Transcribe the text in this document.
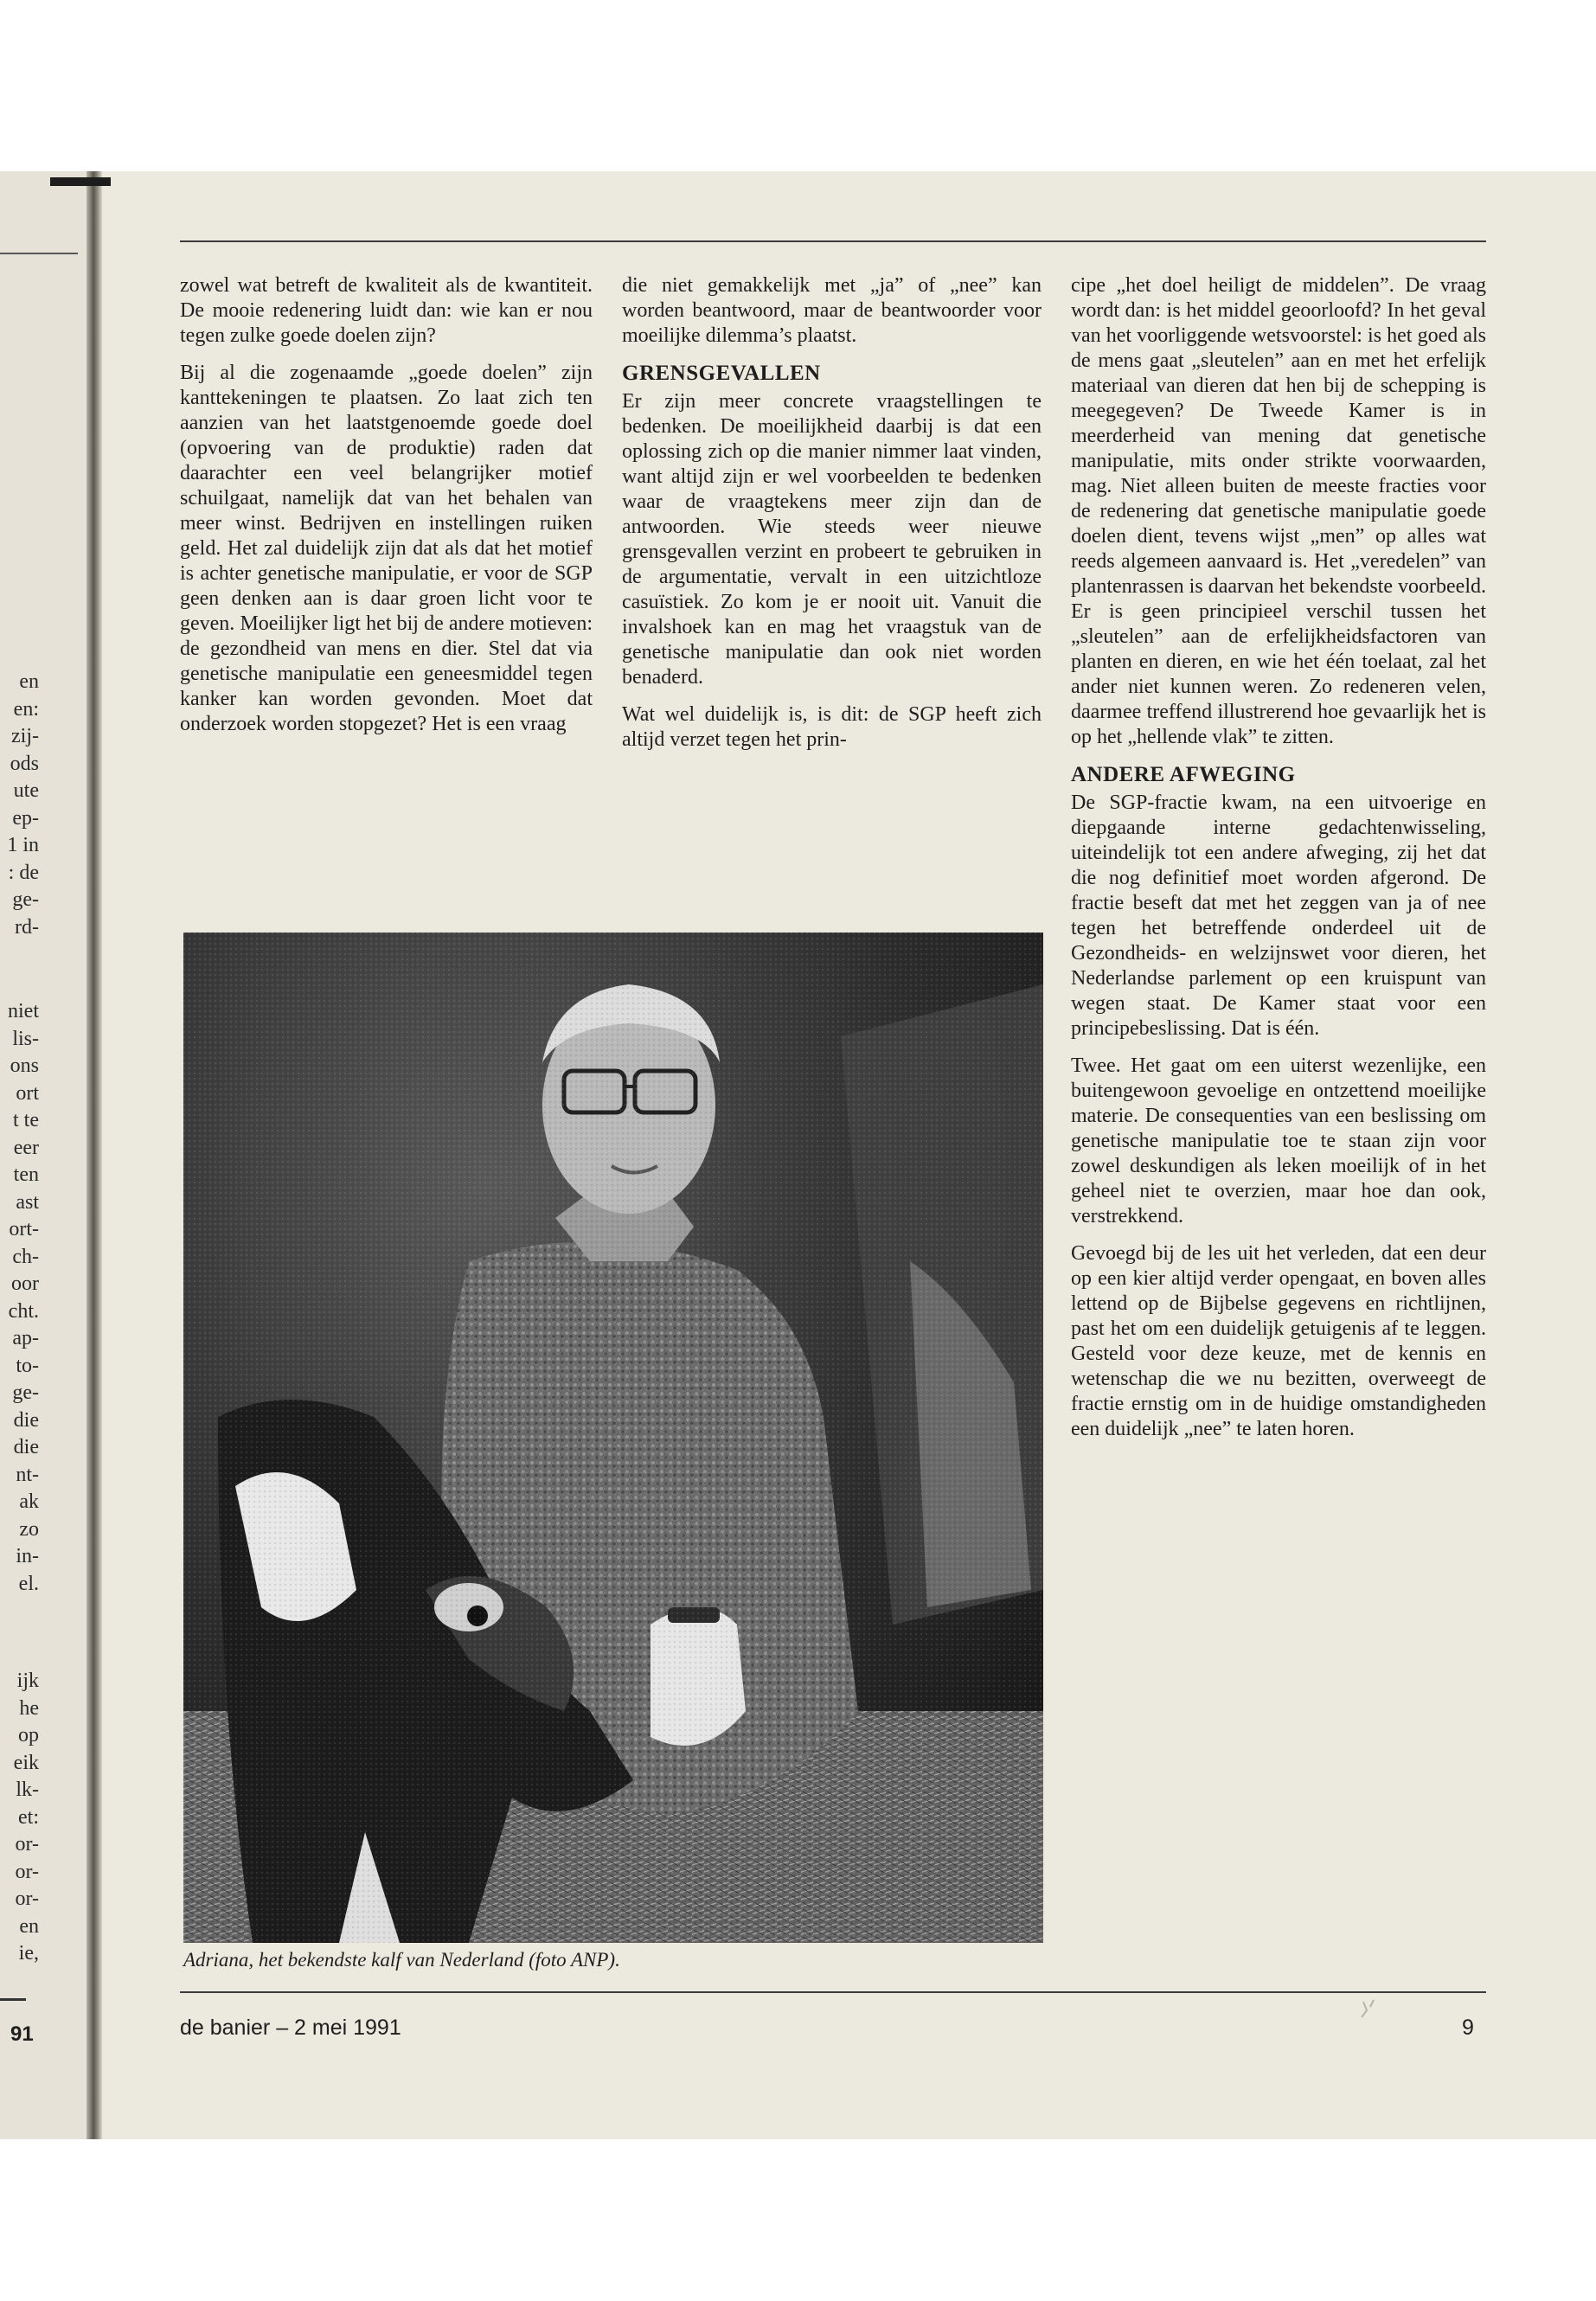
en
en:
zij-
ods
ute
ep-
1 in
: de
ge-
rd-
niet
lis-
ons
ort
t te
eer
ten
ast
ort-
ch-
oor
cht.
ap-
to-
ge-
die
die
nt-
ak
zo
in-
el.
ijk
he
op
eik
lk-
et:
or-
or-
or-
en
ie,
91

zowel wat betreft de kwaliteit als de kwantiteit. De mooie redenering luidt dan: wie kan er nou tegen zulke goede doelen zijn?

Bij al die zogenaamde „goede doelen” zijn kanttekeningen te plaatsen. Zo laat zich ten aanzien van het laatstgenoemde goede doel (opvoering van de produktie) raden dat daarachter een veel belangrijker motief schuilgaat, namelijk dat van het behalen van meer winst. Bedrijven en instellingen ruiken geld. Het zal duidelijk zijn dat als dat het motief is achter genetische manipulatie, er voor de SGP geen denken aan is daar groen licht voor te geven. Moeilijker ligt het bij de andere motieven: de gezondheid van mens en dier. Stel dat via genetische manipulatie een geneesmiddel tegen kanker kan worden gevonden. Moet dat onderzoek worden stopgezet? Het is een vraag

die niet gemakkelijk met „ja” of „nee” kan worden beantwoord, maar de beantwoorder voor moeilijke dilemma’s plaatst.

GRENSGEVALLEN

Er zijn meer concrete vraagstellingen te bedenken. De moeilijkheid daarbij is dat een oplossing zich op die manier nimmer laat vinden, want altijd zijn er wel voorbeelden te bedenken waar de vraagtekens meer zijn dan de antwoorden. Wie steeds weer nieuwe grensgevallen verzint en probeert te gebruiken in de argumentatie, vervalt in een uitzichtloze casuïstiek. Zo kom je er nooit uit. Vanuit die invalshoek kan en mag het vraagstuk van de genetische manipulatie dan ook niet worden benaderd.

Wat wel duidelijk is, is dit: de SGP heeft zich altijd verzet tegen het prin-

cipe „het doel heiligt de middelen”. De vraag wordt dan: is het middel geoorloofd? In het geval van het voorliggende wetsvoorstel: is het goed als de mens gaat „sleutelen” aan en met het erfelijk materiaal van dieren dat hen bij de schepping is meegegeven? De Tweede Kamer is in meerderheid van mening dat genetische manipulatie, mits onder strikte voorwaarden, mag. Niet alleen buiten de meeste fracties voor de redenering dat genetische manipulatie goede doelen dient, tevens wijst „men” op alles wat reeds algemeen aanvaard is. Het „veredelen” van plantenrassen is daarvan het bekendste voorbeeld. Er is geen principieel verschil tussen het „sleutelen” aan de erfelijkheidsfactoren van planten en dieren, en wie het één toelaat, zal het ander niet kunnen weren. Zo redeneren velen, daarmee treffend illustrerend hoe gevaarlijk het is op het „hellende vlak” te zitten.

ANDERE AFWEGING

De SGP-fractie kwam, na een uitvoerige en diepgaande interne gedachtenwisseling, uiteindelijk tot een andere afweging, zij het dat die nog definitief moet worden afgerond. De fractie beseft dat met het zeggen van ja of nee tegen het betreffende onderdeel uit de Gezondheids- en welzijnswet voor dieren, het Nederlandse parlement op een kruispunt van wegen staat. De Kamer staat voor een principebeslissing. Dat is één.

Twee. Het gaat om een uiterst wezenlijke, een buitengewoon gevoelige en ontzettend moeilijke materie. De consequenties van een beslissing om genetische manipulatie toe te staan zijn voor zowel deskundigen als leken moeilijk of in het geheel niet te overzien, maar hoe dan ook, verstrekkend.

Gevoegd bij de les uit het verleden, dat een deur op een kier altijd verder opengaat, en boven alles lettend op de Bijbelse gegevens en richtlijnen, past het om een duidelijk getuigenis af te leggen. Gesteld voor deze keuze, met de kennis en wetenschap die we nu bezitten, overweegt de fractie ernstig om in de huidige omstandigheden een duidelijk „nee” te laten horen.

Adriana, het bekendste kalf van Nederland (foto ANP).
de banier – 2 mei 1991	9
